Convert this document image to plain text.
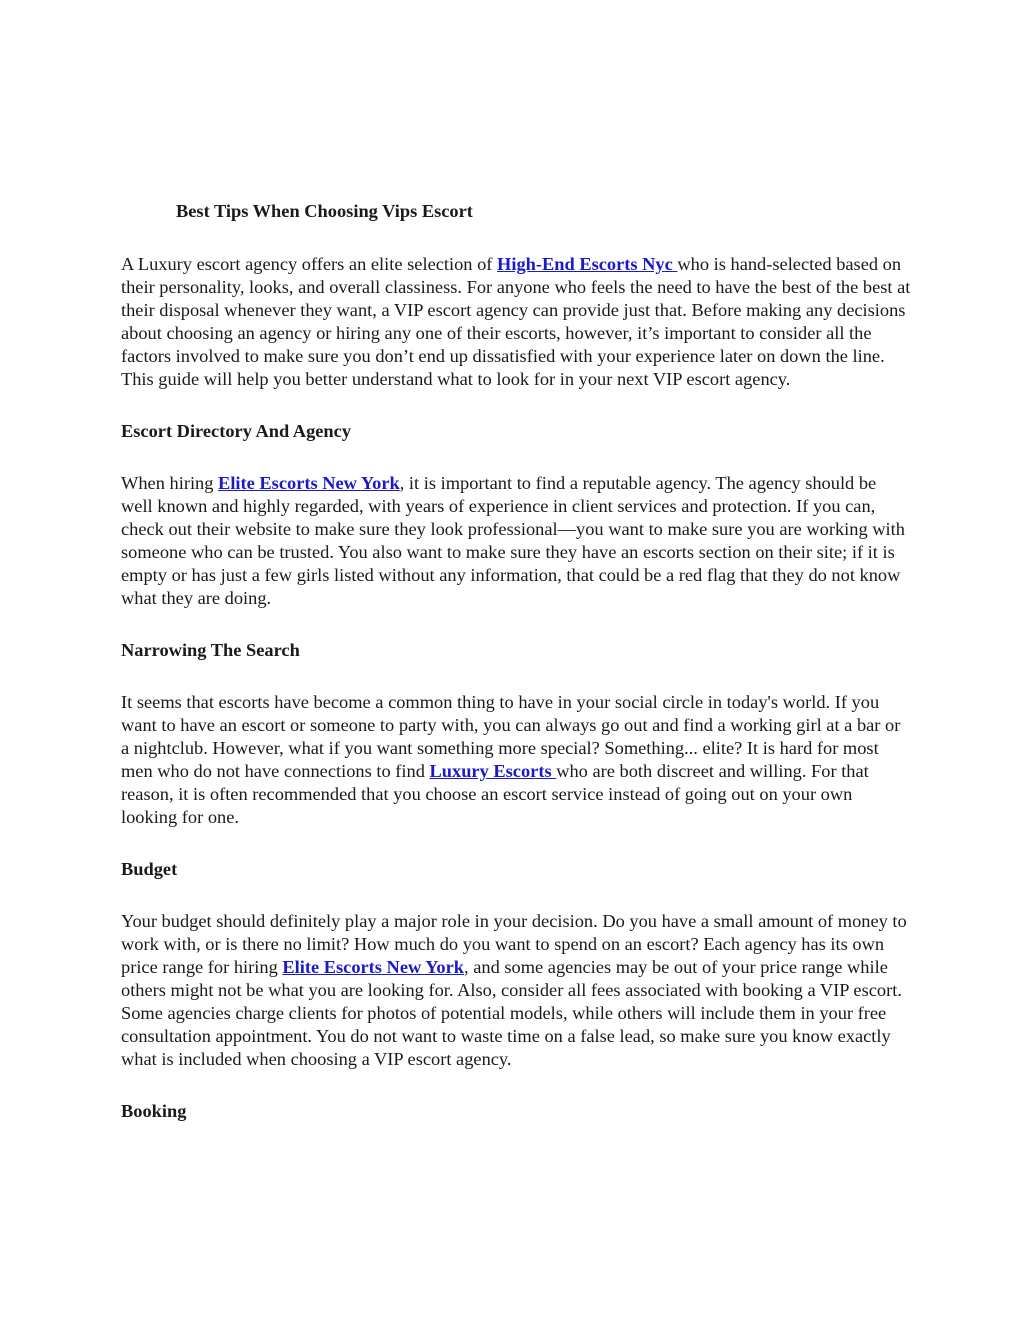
Best Tips When Choosing Vips Escort

A Luxury escort agency offers an elite selection of High-End Escorts Nyc who is hand-selected based on their personality, looks, and overall classiness. For anyone who feels the need to have the best of the best at their disposal whenever they want, a VIP escort agency can provide just that. Before making any decisions about choosing an agency or hiring any one of their escorts, however, it’s important to consider all the factors involved to make sure you don’t end up dissatisfied with your experience later on down the line. This guide will help you better understand what to look for in your next VIP escort agency.

Escort Directory And Agency

When hiring Elite Escorts New York, it is important to find a reputable agency. The agency should be well known and highly regarded, with years of experience in client services and protection. If you can, check out their website to make sure they look professional—you want to make sure you are working with someone who can be trusted. You also want to make sure they have an escorts section on their site; if it is empty or has just a few girls listed without any information, that could be a red flag that they do not know what they are doing.

Narrowing The Search

It seems that escorts have become a common thing to have in your social circle in today's world. If you want to have an escort or someone to party with, you can always go out and find a working girl at a bar or a nightclub. However, what if you want something more special? Something... elite? It is hard for most men who do not have connections to find Luxury Escorts who are both discreet and willing. For that reason, it is often recommended that you choose an escort service instead of going out on your own looking for one.

Budget

Your budget should definitely play a major role in your decision. Do you have a small amount of money to work with, or is there no limit? How much do you want to spend on an escort? Each agency has its own price range for hiring Elite Escorts New York, and some agencies may be out of your price range while others might not be what you are looking for. Also, consider all fees associated with booking a VIP escort. Some agencies charge clients for photos of potential models, while others will include them in your free consultation appointment. You do not want to waste time on a false lead, so make sure you know exactly what is included when choosing a VIP escort agency.

Booking
